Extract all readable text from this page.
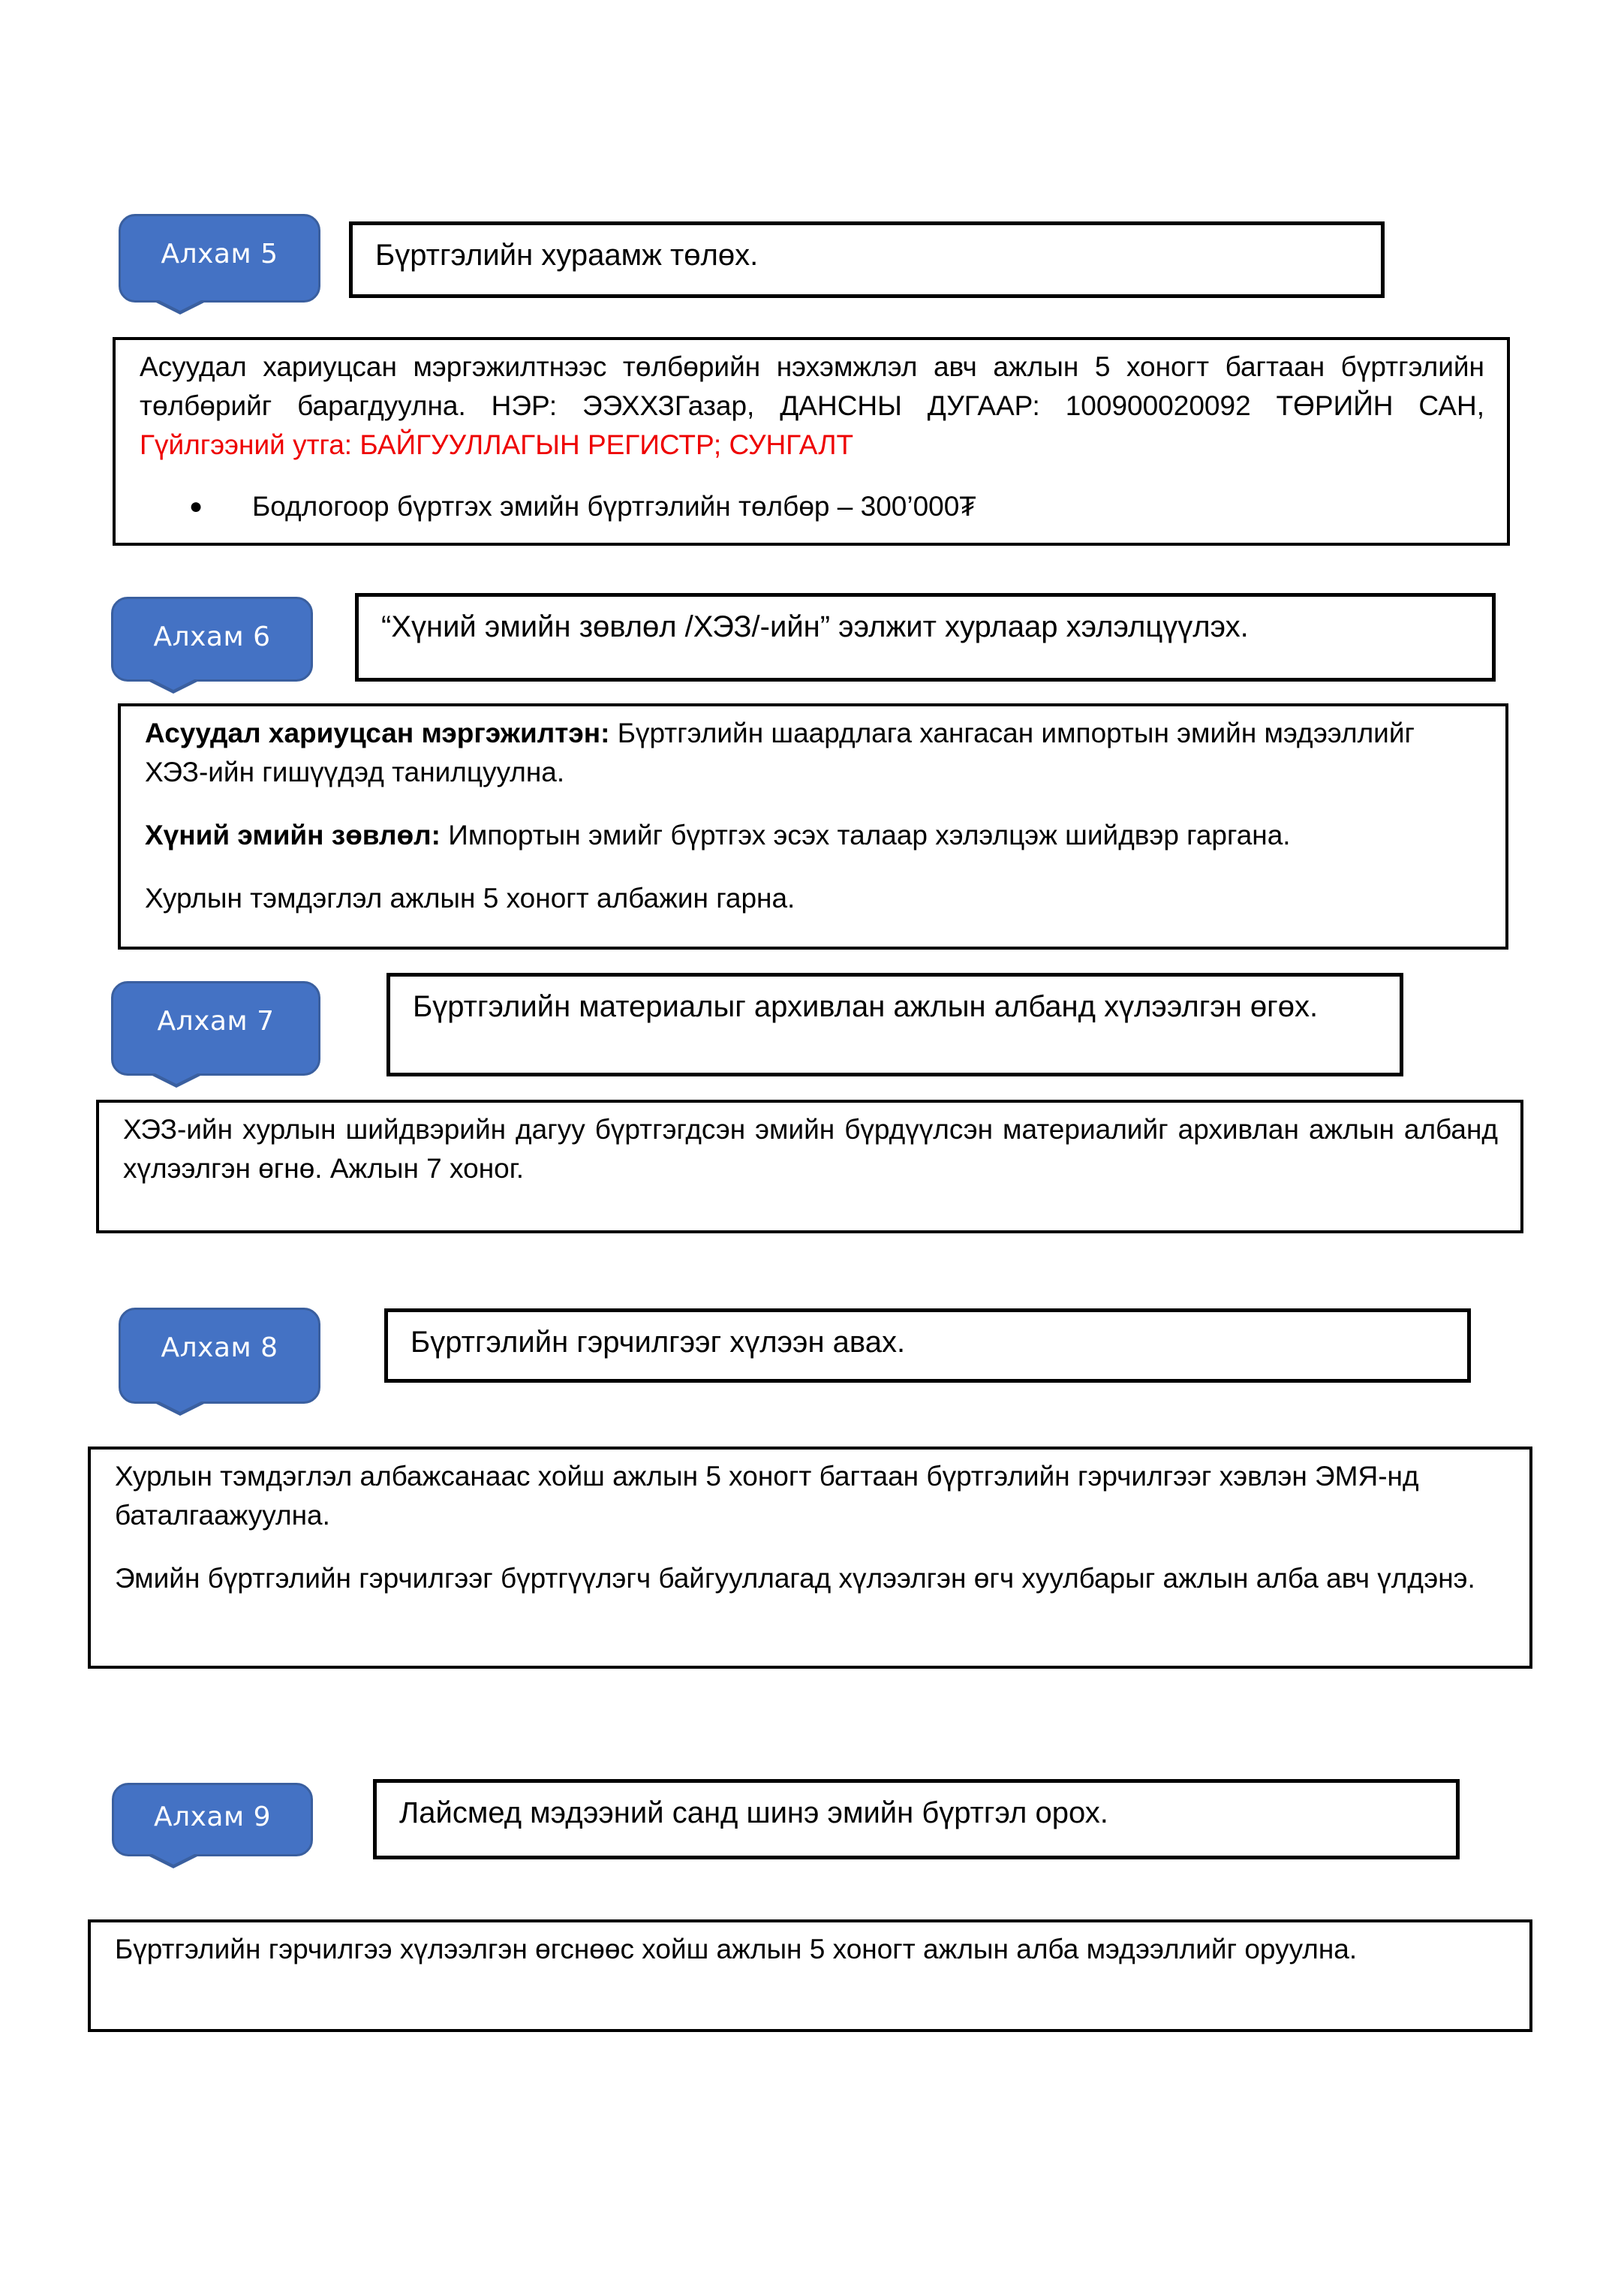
Алхам 5	Бүртгэлийн хураамж төлөх.
Асуудал хариуцсан мэргэжилтнээс төлбөрийн нэхэмжлэл авч ажлын 5 хоногт багтаан бүртгэлийн төлбөрийг барагдуулна. НЭР: ЭЭХХЗГазар, ДАНСНЫ ДУГААР: 100900020092 ТӨРИЙН САН, Гүйлгээний утга: БАЙГУУЛЛАГЫН РЕГИСТР; СУНГАЛТ
●	Бодлогоор бүртгэх эмийн бүртгэлийн төлбөр – 300’000₮
Алхам 6	“Хүний эмийн зөвлөл /ХЭЗ/-ийн” ээлжит хурлаар хэлэлцүүлэх.

Асуудал хариуцсан мэргэжилтэн: Бүртгэлийн шаардлага хангасан импортын эмийн мэдээллийг ХЭЗ-ийн гишүүдэд танилцуулна.

Хүний эмийн зөвлөл: Импортын эмийг бүртгэх эсэх талаар хэлэлцэж шийдвэр гаргана.

Хурлын тэмдэглэл ажлын 5 хоногт албажин гарна.

Алхам 7	Бүртгэлийн материалыг архивлан ажлын албанд хүлээлгэн өгөх.
ХЭЗ-ийн хурлын шийдвэрийн дагуу бүртгэгдсэн эмийн бүрдүүлсэн материалийг архивлан ажлын албанд хүлээлгэн өгнө. Ажлын 7 хоног.
Алхам 8	Бүртгэлийн гэрчилгээг хүлээн авах.

Хурлын тэмдэглэл албажсанаас хойш ажлын 5 хоногт багтаан бүртгэлийн гэрчилгээг хэвлэн ЭМЯ-нд баталгаажуулна.

Эмийн бүртгэлийн гэрчилгээг бүртгүүлэгч байгууллагад хүлээлгэн өгч хуулбарыг ажлын алба авч үлдэнэ.

Алхам 9	Лайсмед мэдээний санд шинэ эмийн бүртгэл орох.
Бүртгэлийн гэрчилгээ хүлээлгэн өгснөөс хойш ажлын 5 хоногт ажлын алба мэдээллийг оруулна.
